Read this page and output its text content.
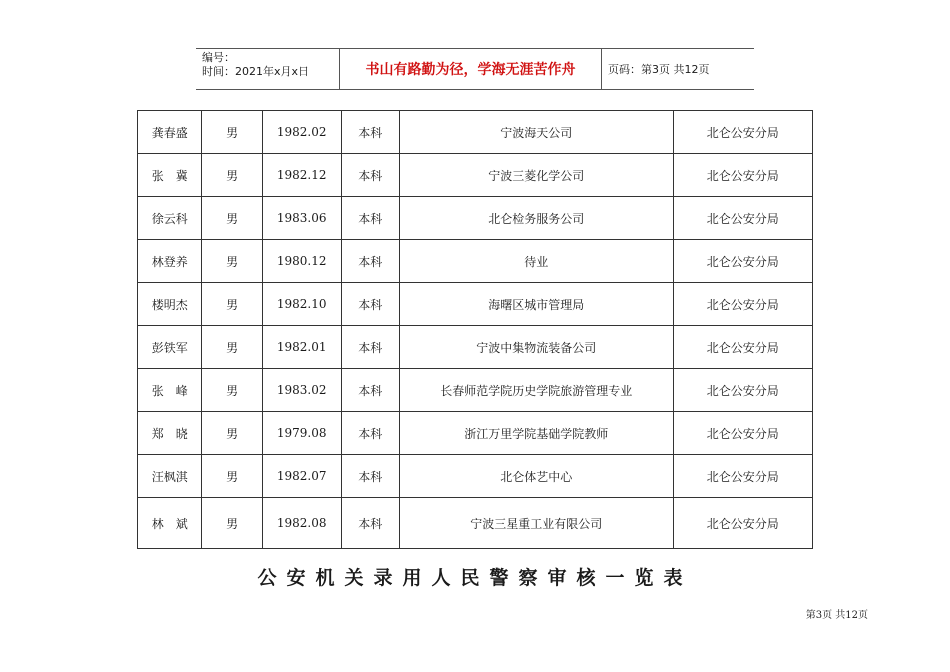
编号：
时间：2021年x月x日	书山有路勤为径，学海无涯苦作舟	页码：第3页 共12页
龚春盛	男	1982.02	本科	宁波海天公司	北仑公安分局
张　冀	男	1982.12	本科	宁波三菱化学公司	北仑公安分局
徐云科	男	1983.06	本科	北仑检务服务公司	北仑公安分局
林登养	男	1980.12	本科	待业	北仑公安分局
楼明杰	男	1982.10	本科	海曙区城市管理局	北仑公安分局
彭铁军	男	1982.01	本科	宁波中集物流装备公司	北仑公安分局
张　峰	男	1983.02	本科	长春师范学院历史学院旅游管理专业	北仑公安分局
郑　晓	男	1979.08	本科	浙江万里学院基础学院教师	北仑公安分局
汪枫淇	男	1982.07	本科	北仑体艺中心	北仑公安分局
林　斌	男	1982.08	本科	宁波三星重工业有限公司	北仑公安分局
公安机关录用人民警察审核一览表
第3页 共12页
